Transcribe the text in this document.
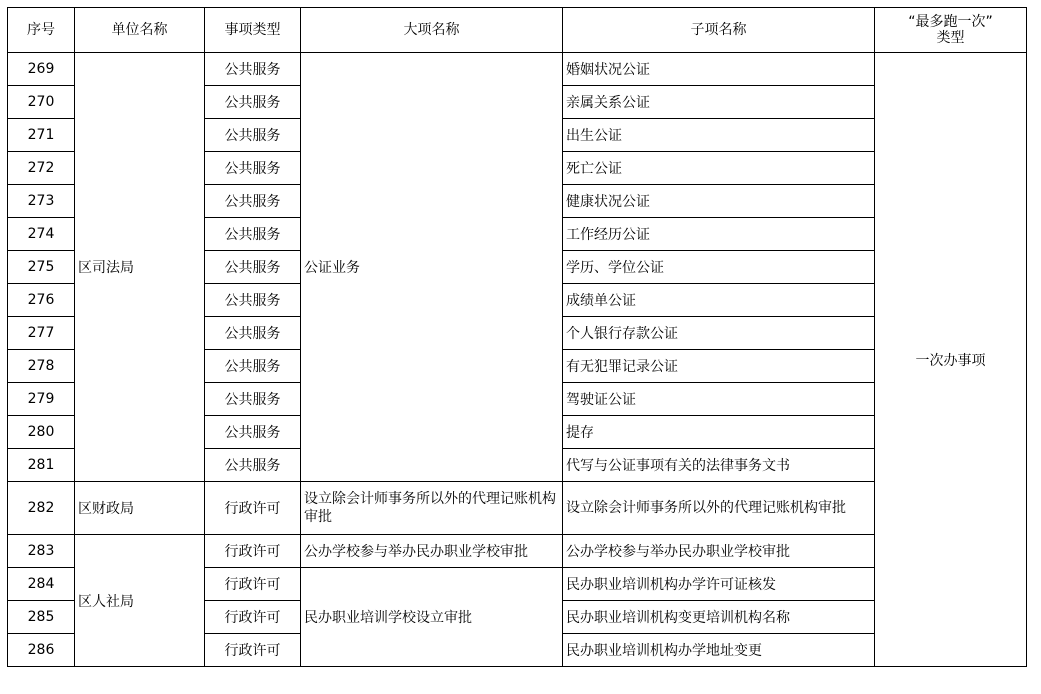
序号	单位名称	事项类型	大项名称	子项名称	“最多跑一次”
类型
269	区司法局	公共服务	公证业务	婚姻状况公证	一次办事项
270		公共服务		亲属关系公证	
271		公共服务		出生公证	
272		公共服务		死亡公证	
273		公共服务		健康状况公证	
274		公共服务		工作经历公证	
275		公共服务		学历、学位公证	
276		公共服务		成绩单公证	
277		公共服务		个人银行存款公证	
278		公共服务		有无犯罪记录公证	
279		公共服务		驾驶证公证	
280		公共服务		提存	
281		公共服务		代写与公证事项有关的法律事务文书	
282	区财政局	行政许可	设立除会计师事务所以外的代理记账机构审批	设立除会计师事务所以外的代理记账机构审批	
283	区人社局	行政许可	公办学校参与举办民办职业学校审批	公办学校参与举办民办职业学校审批	
284		行政许可	民办职业培训学校设立审批	民办职业培训机构办学许可证核发	
285		行政许可		民办职业培训机构变更培训机构名称	
286		行政许可		民办职业培训机构办学地址变更	
